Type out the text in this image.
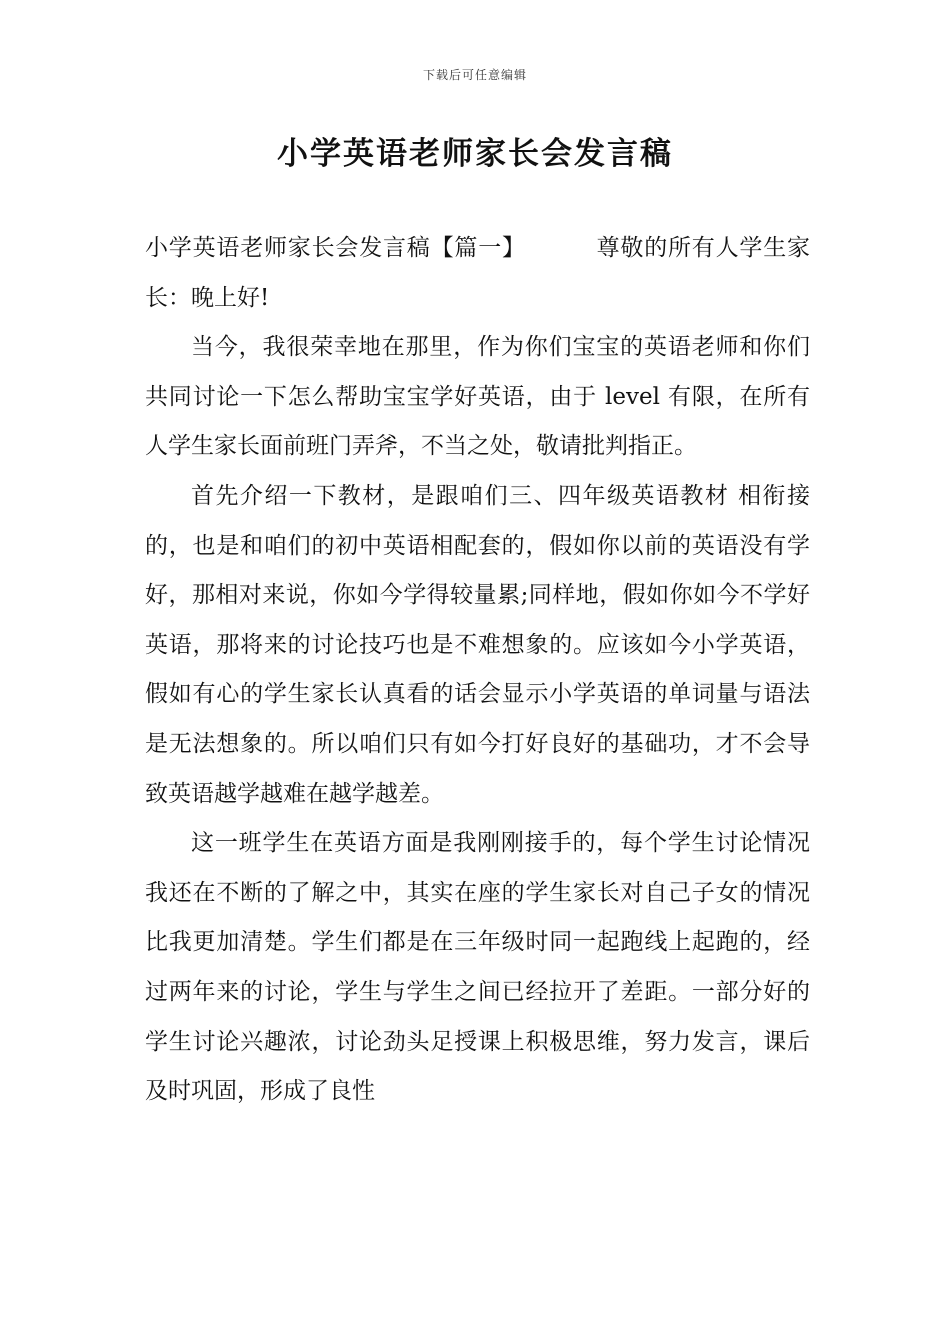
下载后可任意编辑
小学英语老师家长会发言稿

小学英语老师家长会发言稿【篇一】	尊敬的所有人学生家长：晚上好!

当今，我很荣幸地在那里，作为你们宝宝的英语老师和你们共同讨论一下怎么帮助宝宝学好英语，由于 level 有限，在所有人学生家长面前班门弄斧，不当之处，敬请批判指正。

首先介绍一下教材，是跟咱们三、四年级英语教材 相衔接的，也是和咱们的初中英语相配套的，假如你以前的英语没有学好，那相对来说，你如今学得较量累;同样地，假如你如今不学好英语，那将来的讨论技巧也是不难想象的。应该如今小学英语，假如有心的学生家长认真看的话会显示小学英语的单词量与语法是无法想象的。所以咱们只有如今打好良好的基础功，才不会导致英语越学越难在越学越差。

这一班学生在英语方面是我刚刚接手的，每个学生讨论情况我还在不断的了解之中，其实在座的学生家长对自己子女的情况比我更加清楚。学生们都是在三年级时同一起跑线上起跑的，经过两年来的讨论，学生与学生之间已经拉开了差距。一部分好的学生讨论兴趣浓，讨论劲头足授课上积极思维，努力发言，课后及时巩固，形成了良性
